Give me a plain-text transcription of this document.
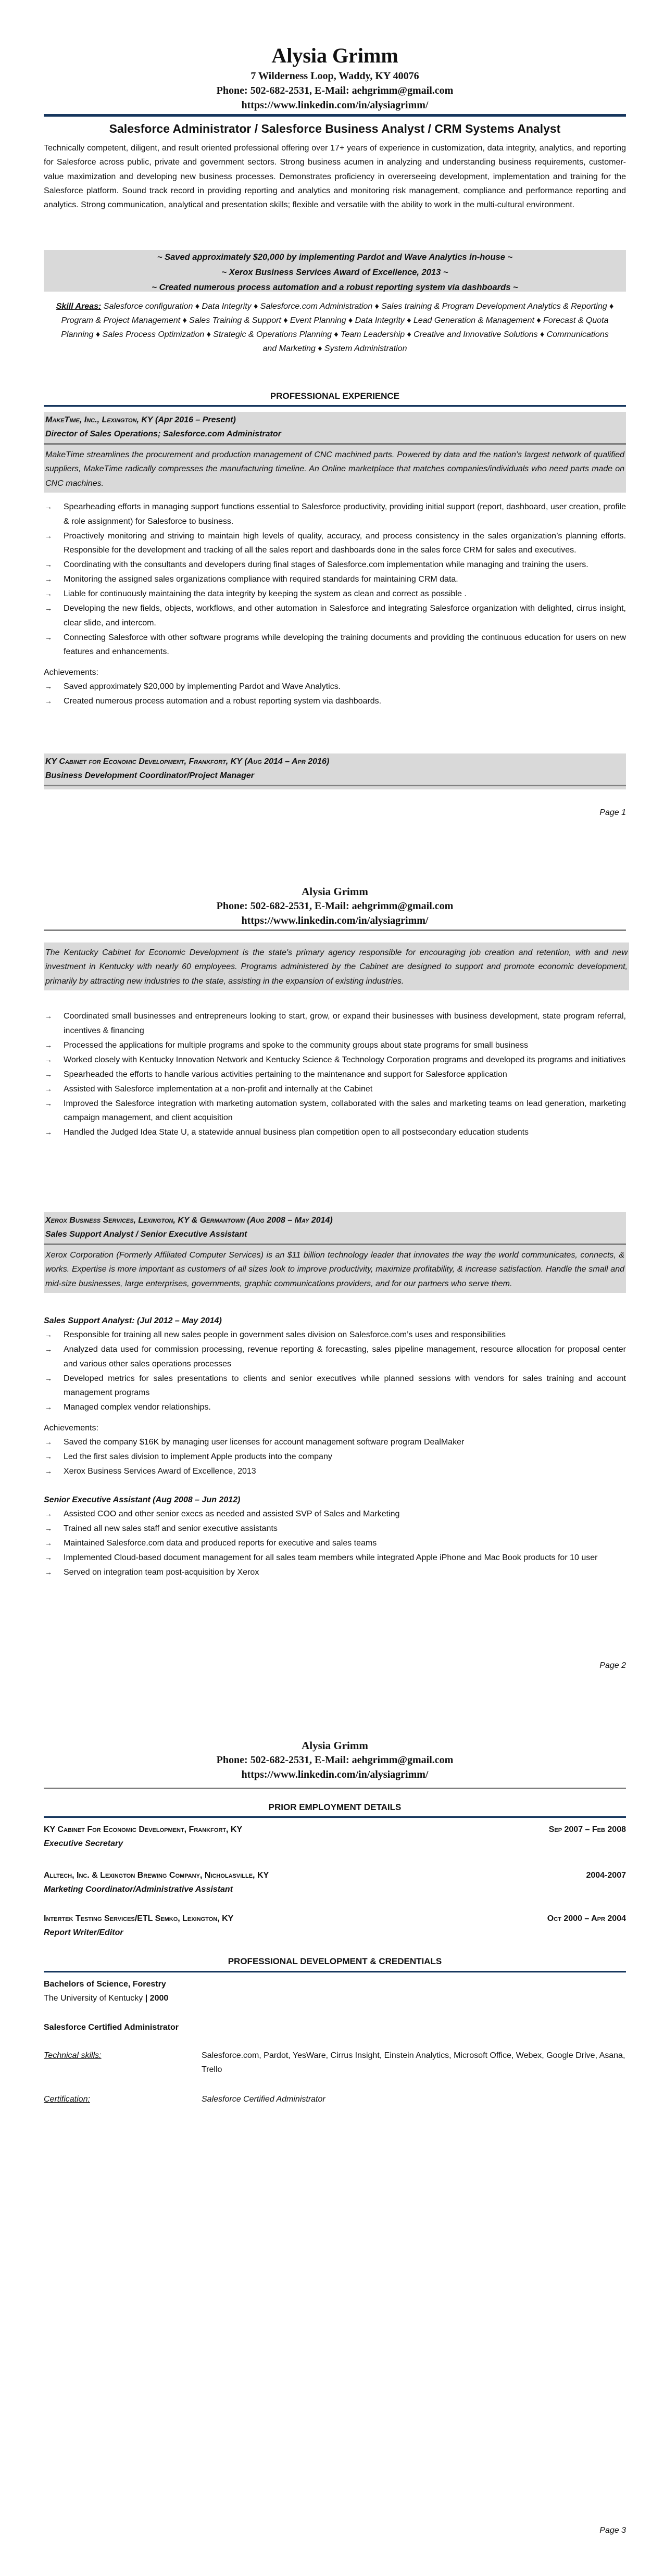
Alysia Grimm
7 Wilderness Loop, Waddy, KY 40076
Phone: 502-682-2531, E-Mail: aehgrimm@gmail.com
https://www.linkedin.com/in/alysiagrimm/
Salesforce Administrator / Salesforce Business Analyst / CRM Systems Analyst
Technically competent, diligent, and result oriented professional offering over 17+ years of experience in customization, data integrity, analytics, and reporting for Salesforce across public, private and government sectors. Strong business acumen in analyzing and understanding business requirements, customer-value maximization and developing new business processes. Demonstrates proficiency in overerseeing development, implementation and training for the Salesforce platform. Sound track record in providing reporting and analytics and monitoring risk management, compliance and performance reporting and analytics. Strong communication, analytical and presentation skills; flexible and versatile with the ability to work in the multi-cultural environment.
~ Saved approximately $20,000 by implementing Pardot and Wave Analytics in-house ~
~ Xerox Business Services Award of Excellence, 2013 ~
~ Created numerous process automation and a robust reporting system via dashboards ~
Skill Areas: Salesforce configuration ♦ Data Integrity ♦ Salesforce.com Administration ♦ Sales training & Program Development Analytics & Reporting ♦ Program & Project Management ♦ Sales Training & Support ♦ Event Planning ♦ Data Integrity ♦ Lead Generation & Management ♦ Forecast & Quota Planning ♦ Sales Process Optimization ♦ Strategic & Operations Planning ♦ Team Leadership ♦ Creative and Innovative Solutions ♦ Communications and Marketing ♦ System Administration
PROFESSIONAL EXPERIENCE
MakeTime, Inc., Lexington, KY (Apr 2016 – Present)
Director of Sales Operations; Salesforce.com Administrator
MakeTime streamlines the procurement and production management of CNC machined parts. Powered by data and the nation’s largest network of qualified suppliers, MakeTime radically compresses the manufacturing timeline. An Online marketplace that matches companies/individuals who need parts made on CNC machines.
→ Spearheading efforts in managing support functions essential to Salesforce productivity, providing initial support (report, dashboard, user creation, profile & role assignment) for Salesforce to business.
→ Proactively monitoring and striving to maintain high levels of quality, accuracy, and process consistency in the sales organization’s planning efforts. Responsible for the development and tracking of all the sales report and dashboards done in the sales force CRM for sales and executives.
→ Coordinating with the consultants and developers during final stages of Salesforce.com implementation while managing and training the users.
→ Monitoring the assigned sales organizations compliance with required standards for maintaining CRM data.
→ Liable for continuously maintaining the data integrity by keeping the system as clean and correct as possible .
→ Developing the new fields, objects, workflows, and other automation in Salesforce and integrating Salesforce organization with delighted, cirrus insight, clear slide, and intercom.
→ Connecting Salesforce with other software programs while developing the training documents and providing the continuous education for users on new features and enhancements.
Achievements:
→ Saved approximately $20,000 by implementing Pardot and Wave Analytics.
→ Created numerous process automation and a robust reporting system via dashboards.
KY Cabinet for Economic Development, Frankfort, KY (Aug 2014 – Apr 2016)
Business Development Coordinator/Project Manager
Page 1
Alysia Grimm
Phone: 502-682-2531, E-Mail: aehgrimm@gmail.com
https://www.linkedin.com/in/alysiagrimm/
The Kentucky Cabinet for Economic Development is the state's primary agency responsible for encouraging job creation and retention, with and new investment in Kentucky with nearly 60 employees. Programs administered by the Cabinet are designed to support and promote economic development, primarily by attracting new industries to the state, assisting in the expansion of existing industries.
→ Coordinated small businesses and entrepreneurs looking to start, grow, or expand their businesses with business development, state program referral, incentives & financing
→ Processed the applications for multiple programs and spoke to the community groups about state programs for small business
→ Worked closely with Kentucky Innovation Network and Kentucky Science & Technology Corporation programs and developed its programs and initiatives
→ Spearheaded the efforts to handle various activities pertaining to the maintenance and support for Salesforce application
→ Assisted with Salesforce implementation at a non-profit and internally at the Cabinet
→ Improved the Salesforce integration with marketing automation system, collaborated with the sales and marketing teams on lead generation, marketing campaign management, and client acquisition
→ Handled the Judged Idea State U, a statewide annual business plan competition open to all postsecondary education students
Xerox Business Services, Lexington, KY & Germantown (Aug 2008 – May 2014)
Sales Support Analyst / Senior Executive Assistant
Xerox Corporation (Formerly Affiliated Computer Services) is an $11 billion technology leader that innovates the way the world communicates, connects, & works. Expertise is more important as customers of all sizes look to improve productivity, maximize profitability, & increase satisfaction. Handle the small and mid-size businesses, large enterprises, governments, graphic communications providers, and for our partners who serve them.
Sales Support Analyst: (Jul 2012 – May 2014)
→ Responsible for training all new sales people in government sales division on Salesforce.com’s uses and responsibilities
→ Analyzed data used for commission processing, revenue reporting & forecasting, sales pipeline management, resource allocation for proposal center and various other sales operations processes
→ Developed metrics for sales presentations to clients and senior executives while planned sessions with vendors for sales training and account management programs
→ Managed complex vendor relationships.
Achievements:
→ Saved the company $16K by managing user licenses for account management software program DealMaker
→ Led the first sales division to implement Apple products into the company
→ Xerox Business Services Award of Excellence, 2013
Senior Executive Assistant (Aug 2008 – Jun 2012)
→ Assisted COO and other senior execs as needed and assisted SVP of Sales and Marketing
→ Trained all new sales staff and senior executive assistants
→ Maintained Salesforce.com data and produced reports for executive and sales teams
→ Implemented Cloud-based document management for all sales team members while integrated Apple iPhone and Mac Book products for 10 user
→ Served on integration team post-acquisition by Xerox
Page 2
Alysia Grimm
Phone: 502-682-2531, E-Mail: aehgrimm@gmail.com
https://www.linkedin.com/in/alysiagrimm/
PRIOR EMPLOYMENT DETAILS
KY Cabinet For Economic Development, Frankfort, KY	Sep 2007 – Feb 2008
Executive Secretary
Alltech, Inc. & Lexington Brewing Company, Nicholasville, KY	2004-2007
Marketing Coordinator/Administrative Assistant
Intertek Testing Services/ETL Semko, Lexington, KY	Oct 2000 – Apr 2004
Report Writer/Editor
PROFESSIONAL DEVELOPMENT & CREDENTIALS
Bachelors of Science, Forestry
The University of Kentucky | 2000
Salesforce Certified Administrator
Technical skills:	Salesforce.com, Pardot, YesWare, Cirrus Insight, Einstein Analytics, Microsoft Office, Webex, Google Drive, Asana, Trello
Certification:	Salesforce Certified Administrator
Page 3
